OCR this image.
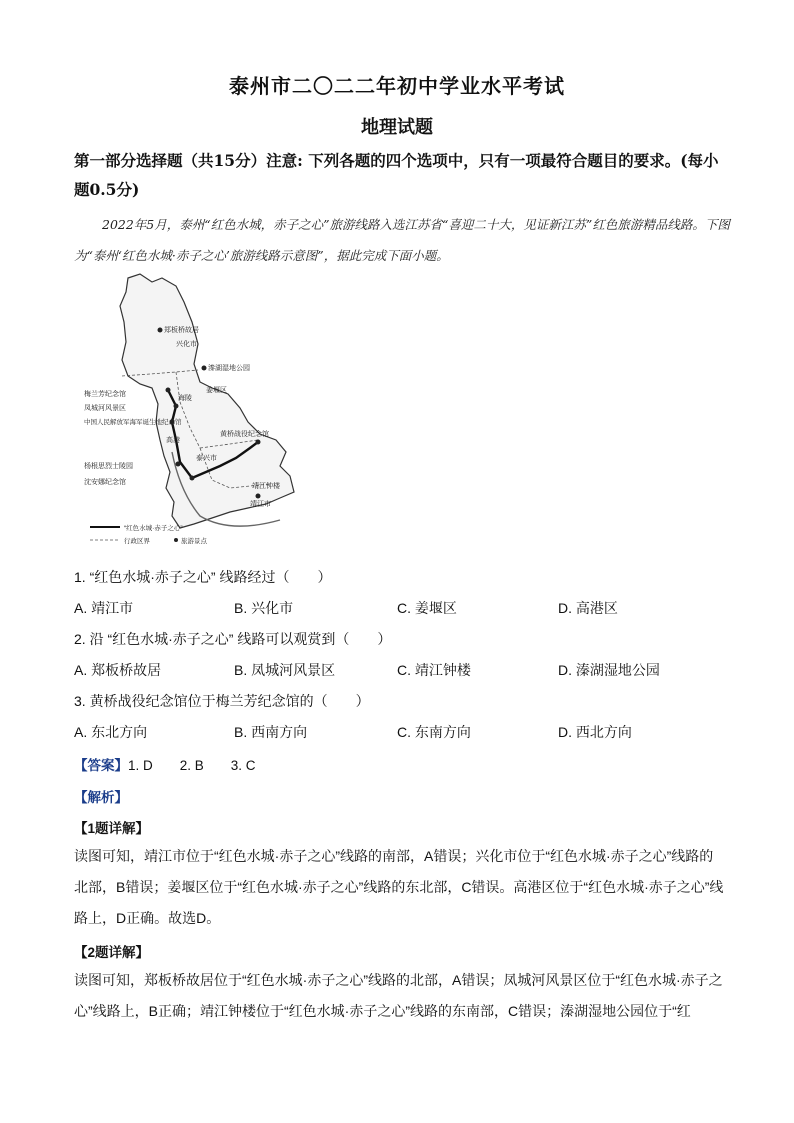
泰州市二〇二二年初中学业水平考试
地理试题
第一部分选择题（共15分）注意: 下列各题的四个选项中，只有一项最符合题目的要求。(每小题0.5分)
2022年5月，泰州“红色水城，赤子之心”旅游线路入选江苏省“喜迎二十大，见证新江苏”红色旅游精品线路。下图为“泰州‘红色水城·赤子之心’旅游线路示意图”，据此完成下面小题。
郑板桥故居
兴化市
溱湖湿地公园
姜堰区
梅兰芳纪念馆
凤城河风景区
中国人民解放军海军诞生地纪念馆
高港
海陵
黄桥战役纪念馆
泰兴市
杨根思烈士陵园
沈安娜纪念馆
靖江钟楼
靖江市
“红色水城·赤子之心”
行政区界	旅游景点
1. “红色水城·赤子之心” 线路经过（　　）
A. 靖江市	B. 兴化市	C. 姜堰区	D. 高港区
2. 沿 “红色水城·赤子之心” 线路可以观赏到（　　）
A. 郑板桥故居	B. 凤城河风景区	C. 靖江钟楼	D. 溱湖湿地公园
3. 黄桥战役纪念馆位于梅兰芳纪念馆的（　　）
A. 东北方向	B. 西南方向	C. 东南方向	D. 西北方向
【答案】1. D　　2. B　　3. C
【解析】
【1题详解】
读图可知，靖江市位于“红色水城·赤子之心”线路的南部，A错误；兴化市位于“红色水城·赤子之心”线路的北部，B错误；姜堰区位于“红色水城·赤子之心”线路的东北部，C错误。高港区位于“红色水城·赤子之心”线路上，D正确。故选D。
【2题详解】
读图可知，郑板桥故居位于“红色水城·赤子之心”线路的北部，A错误；凤城河风景区位于“红色水城·赤子之心”线路上，B正确；靖江钟楼位于“红色水城·赤子之心”线路的东南部，C错误；溱湖湿地公园位于“红
